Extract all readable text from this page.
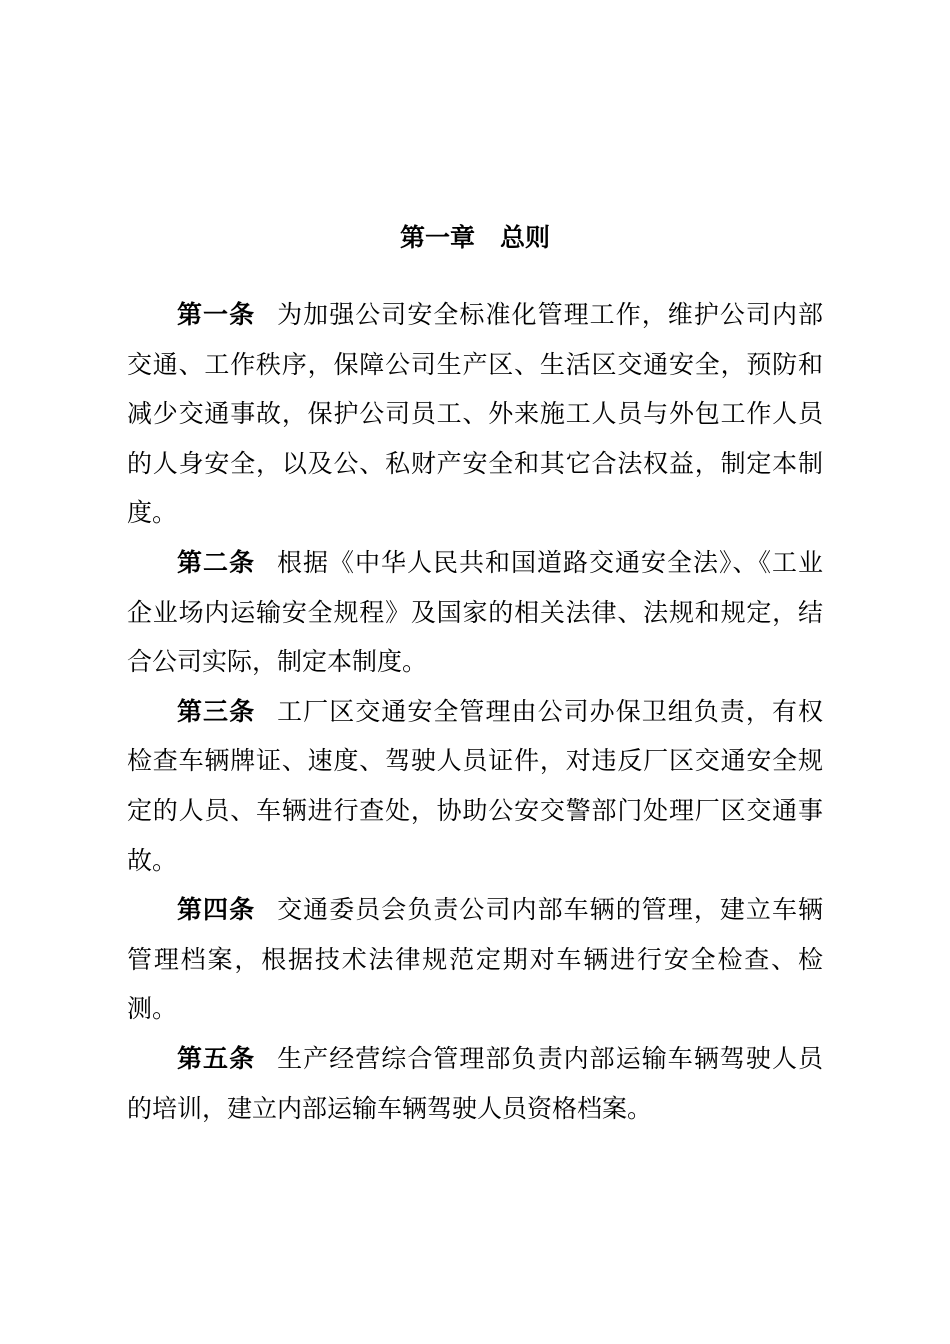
第一章　总则

第一条 为加强公司安全标准化管理工作，维护公司内部交通、工作秩序，保障公司生产区、生活区交通安全，预防和减少交通事故，保护公司员工、外来施工人员与外包工作人员的人身安全，以及公、私财产安全和其它合法权益，制定本制度。

第二条 根据《中华人民共和国道路交通安全法》、《工业企业场内运输安全规程》及国家的相关法律、法规和规定，结合公司实际，制定本制度。

第三条 工厂区交通安全管理由公司办保卫组负责，有权检查车辆牌证、速度、驾驶人员证件，对违反厂区交通安全规定的人员、车辆进行查处，协助公安交警部门处理厂区交通事故。

第四条 交通委员会负责公司内部车辆的管理，建立车辆管理档案，根据技术法律规范定期对车辆进行安全检查、检测。

第五条 生产经营综合管理部负责内部运输车辆驾驶人员的培训，建立内部运输车辆驾驶人员资格档案。
